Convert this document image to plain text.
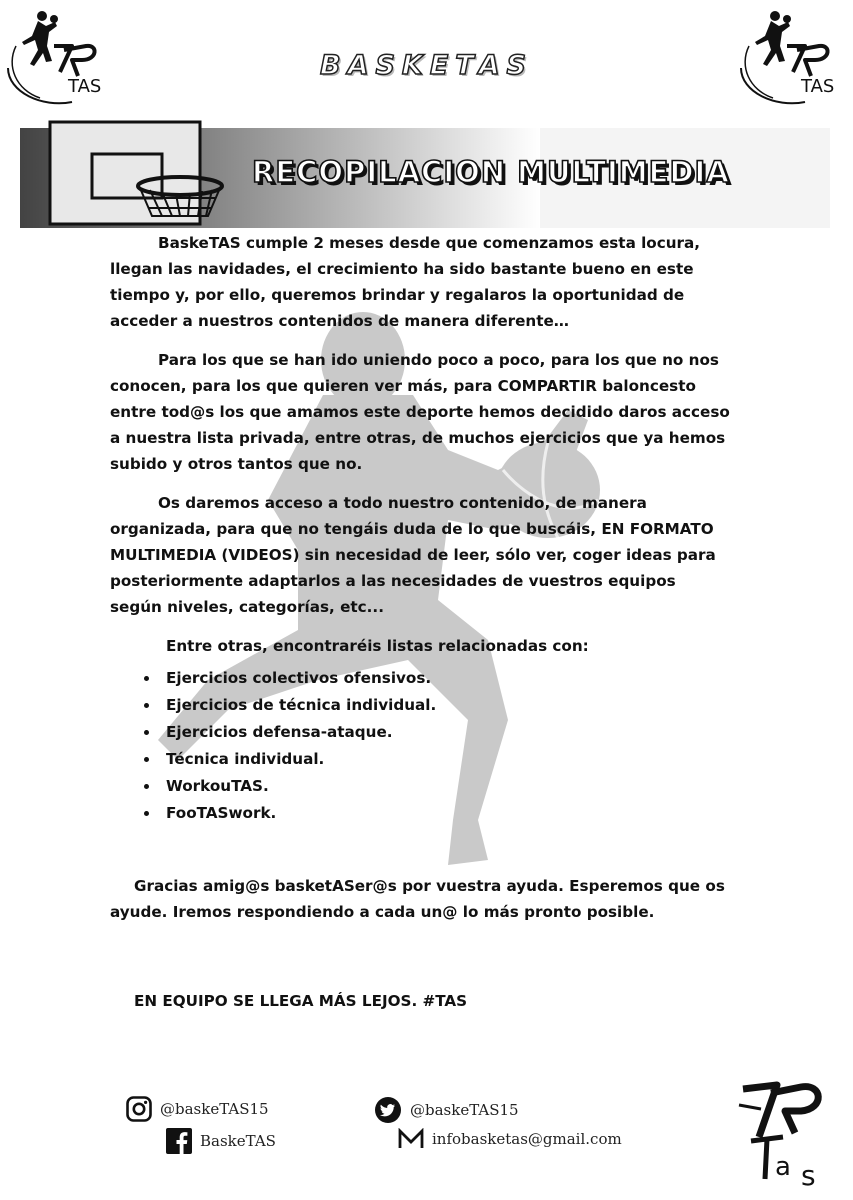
TAS	TAS
BASKETAS
RECOPILACION MULTIMEDIA

BaskeTAS cumple 2 meses desde que comenzamos esta locura, llegan las navidades, el crecimiento ha sido bastante bueno en este tiempo y, por ello, queremos brindar y regalaros la oportunidad de acceder a nuestros contenidos de manera diferente…

Para los que se han ido uniendo poco a poco, para los que no nos conocen, para los que quieren ver más, para COMPARTIR baloncesto entre tod@s los que amamos este deporte hemos decidido daros acceso a nuestra lista privada, entre otras, de muchos ejercicios que ya hemos subido y otros tantos que no.

Os daremos acceso a todo nuestro contenido, de manera organizada, para que no tengáis duda de lo que buscáis, EN FORMATO MULTIMEDIA (VIDEOS) sin necesidad de leer, sólo ver, coger ideas para posteriormente adaptarlos a las necesidades de vuestros equipos según niveles, categorías, etc...

Entre otras, encontraréis listas relacionadas con:

• Ejercicios colectivos ofensivos.
• Ejercicios de técnica individual.
• Ejercicios defensa-ataque.
• Técnica individual.
• WorkouTAS.
• FooTASwork.

Gracias amig@s basketASer@s por vuestra ayuda. Esperemos que os ayude. Iremos respondiendo a cada un@ lo más pronto posible.

EN EQUIPO SE LLEGA MÁS LEJOS. #TAS
@baskeTAS15	@baskeTAS15
BaskeTAS	infobasketas@gmail.com
a s
